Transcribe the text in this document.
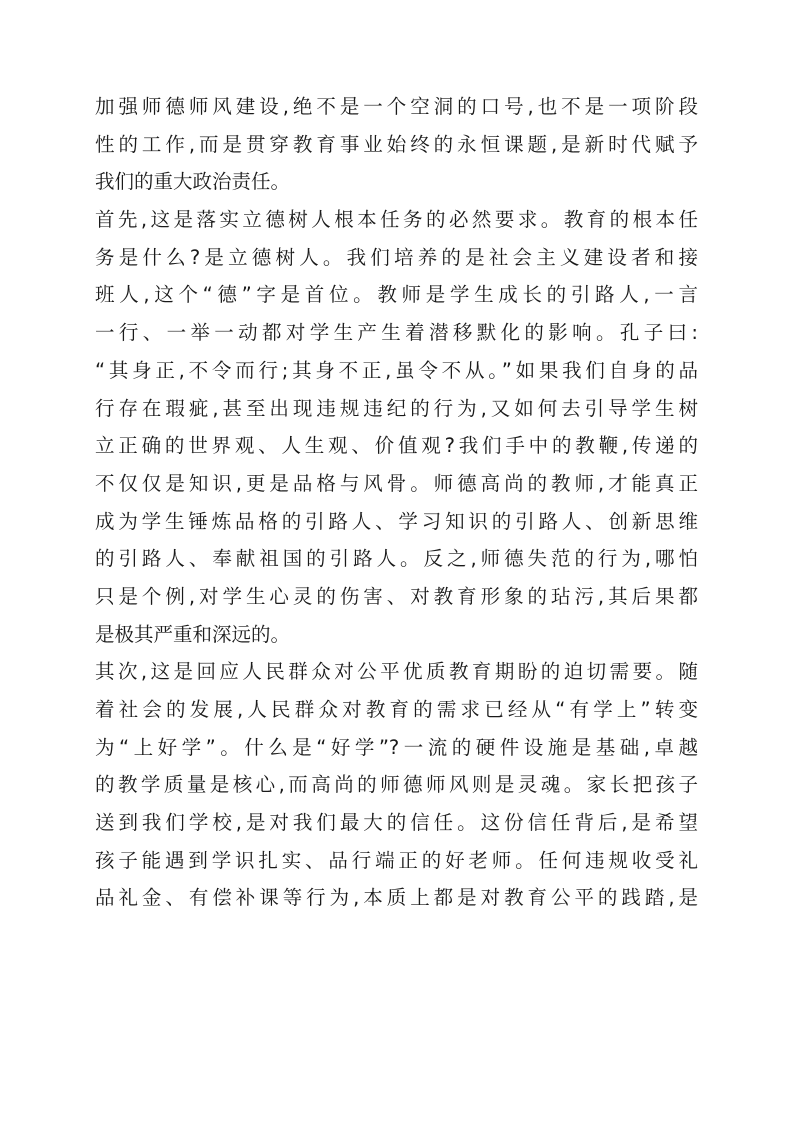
加强师德师风建设,绝不是一个空洞的口号,也不是一项阶段
性的工作,而是贯穿教育事业始终的永恒课题,是新时代赋予
我们的重大政治责任。
首先,这是落实立德树人根本任务的必然要求。教育的根本任
务是什么?是立德树人。我们培养的是社会主义建设者和接
班人,这个“德”字是首位。教师是学生成长的引路人,一言
一行、一举一动都对学生产生着潜移默化的影响。孔子曰:
“其身正,不令而行;其身不正,虽令不从。”如果我们自身的品
行存在瑕疵,甚至出现违规违纪的行为,又如何去引导学生树
立正确的世界观、人生观、价值观?我们手中的教鞭,传递的
不仅仅是知识,更是品格与风骨。师德高尚的教师,才能真正
成为学生锤炼品格的引路人、学习知识的引路人、创新思维
的引路人、奉献祖国的引路人。反之,师德失范的行为,哪怕
只是个例,对学生心灵的伤害、对教育形象的玷污,其后果都
是极其严重和深远的。
其次,这是回应人民群众对公平优质教育期盼的迫切需要。随
着社会的发展,人民群众对教育的需求已经从“有学上”转变
为“上好学”。什么是“好学”?一流的硬件设施是基础,卓越
的教学质量是核心,而高尚的师德师风则是灵魂。家长把孩子
送到我们学校,是对我们最大的信任。这份信任背后,是希望
孩子能遇到学识扎实、品行端正的好老师。任何违规收受礼
品礼金、有偿补课等行为,本质上都是对教育公平的践踏,是
